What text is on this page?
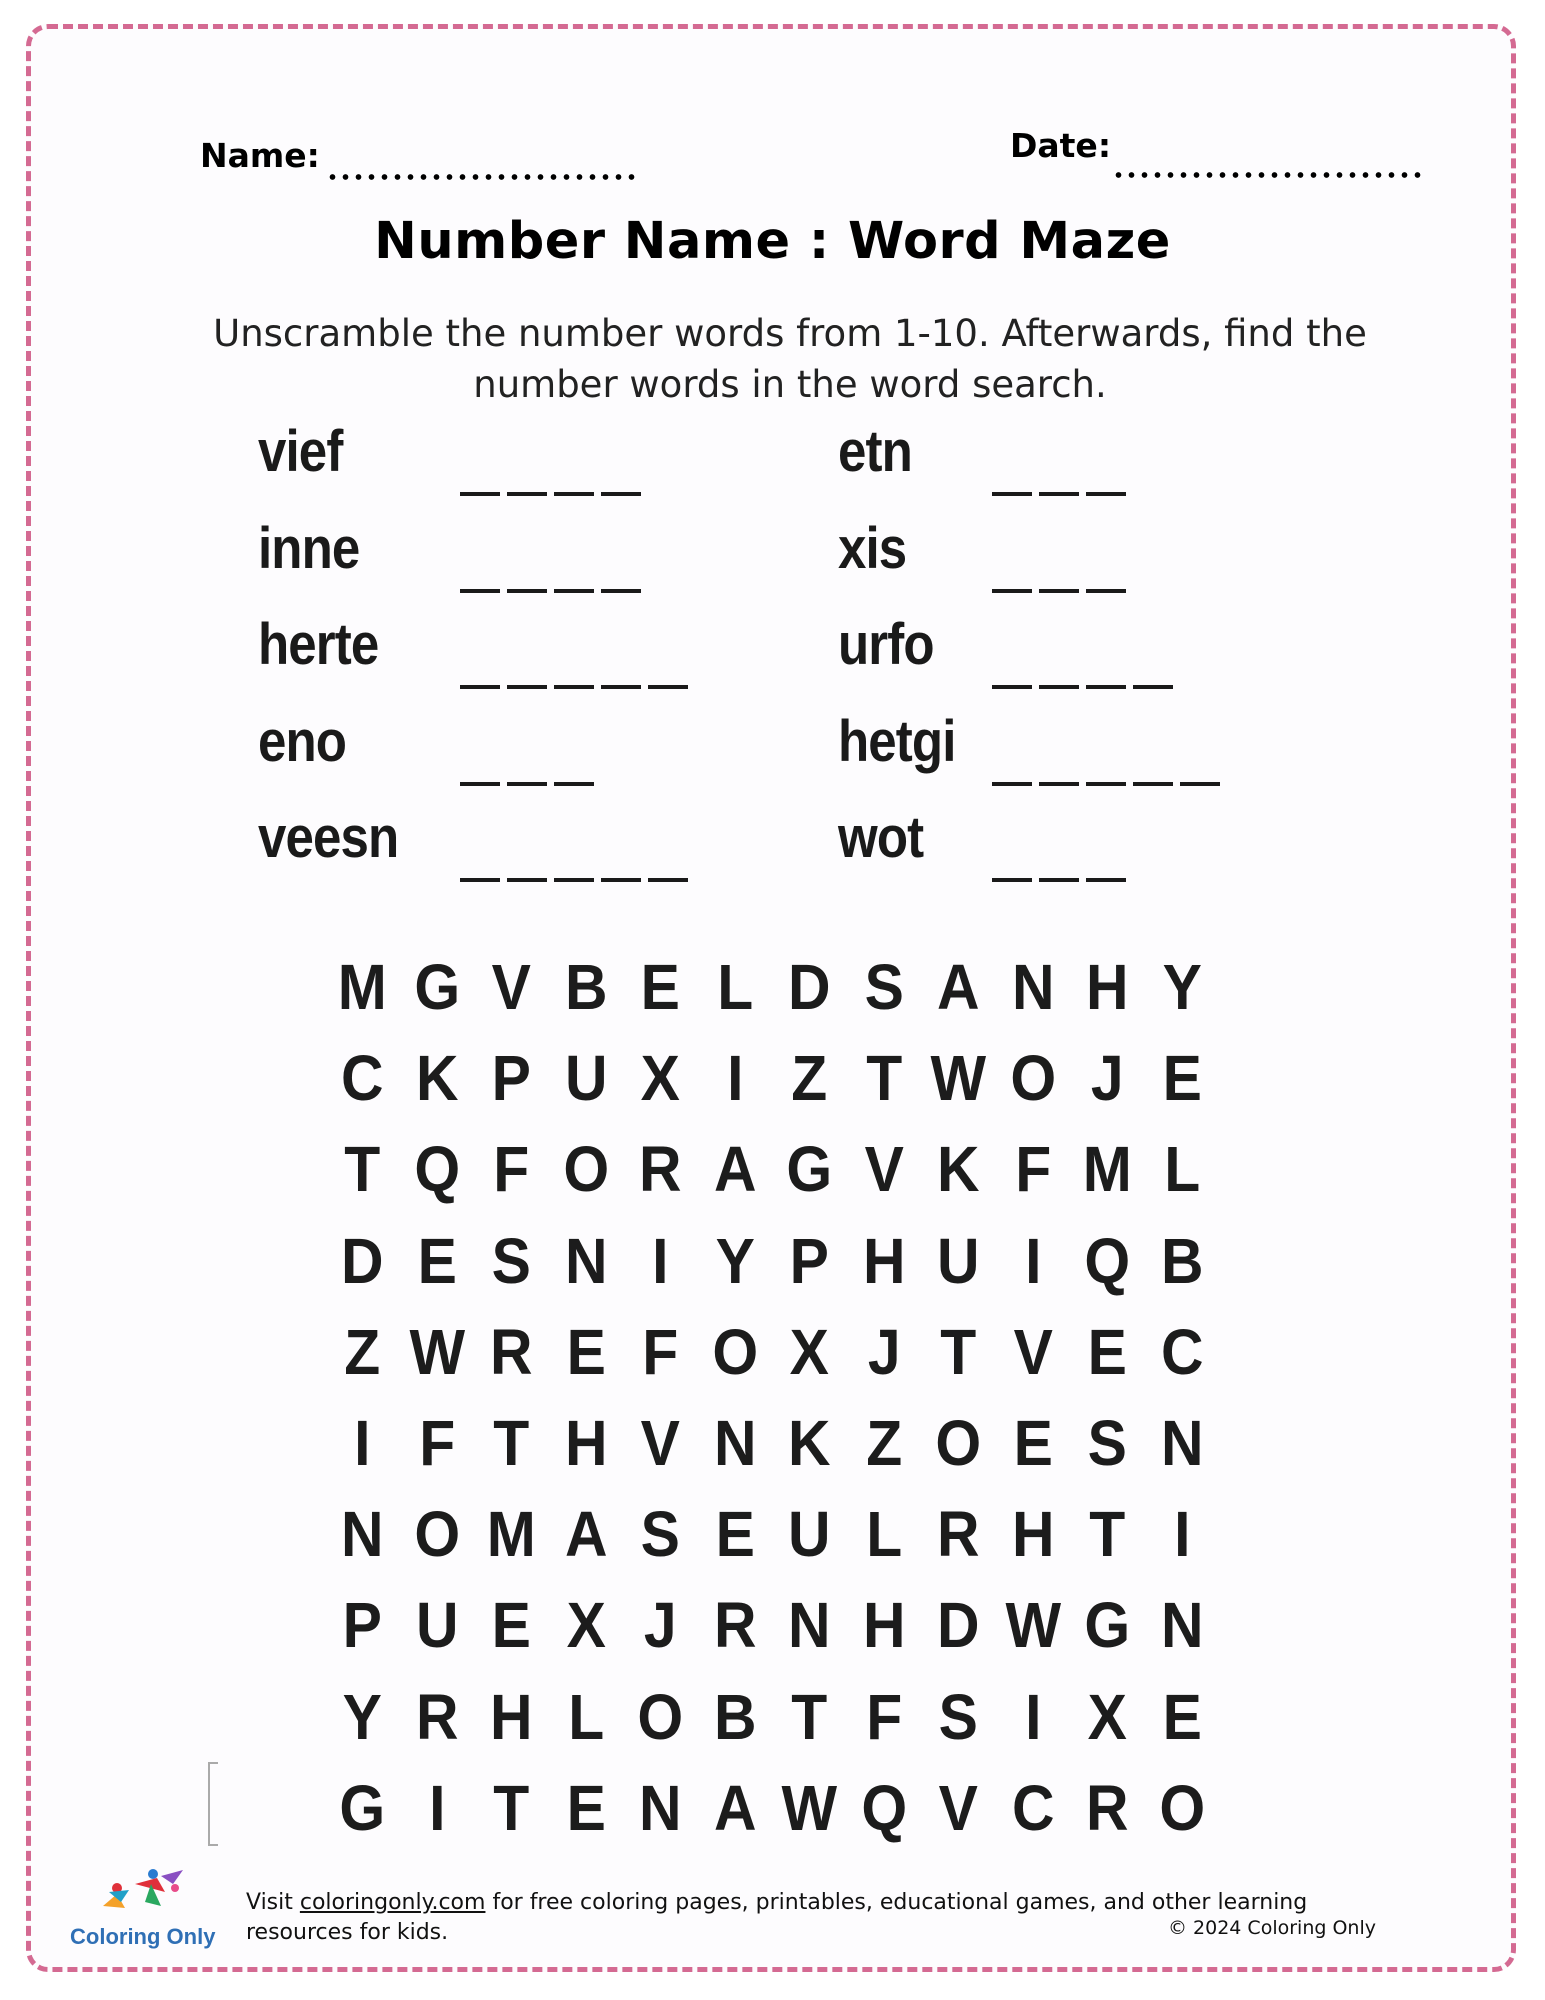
Name:	Date:
Number Name : Word Maze
Unscramble the number words from 1-10. Afterwards, find the number words in the word search.
vief
inne
herte
eno
veesn
etn
xis
urfo
hetgi
wot
M G V B E L D S A N H Y
C K P U X I Z T W O J E
T Q F O R A G V K F M L
D E S N I Y P H U I Q B
Z W R E F O X J T V E C
I F T H V N K Z O E S N
N O M A S E U L R H T I
P U E X J R N H D W G N
Y R H L O B T F S I X E
G I T E N A W Q V C R O
Coloring Only
Visit coloringonly.com for free coloring pages, printables, educational games, and other learning resources for kids.	© 2024 Coloring Only
